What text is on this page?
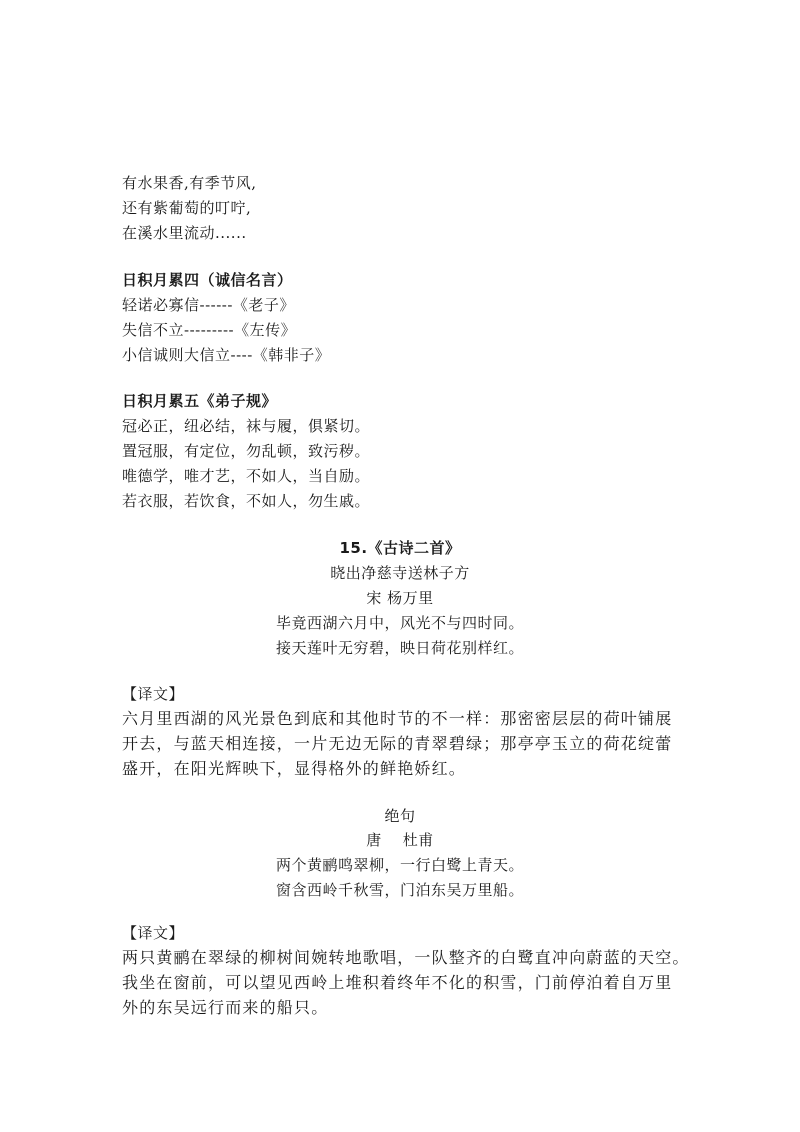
有水果香,有季节风,
还有紫葡萄的叮咛,
在溪水里流动......
日积月累四（诚信名言）
轻诺必寡信------《老子》
失信不立---------《左传》
小信诚则大信立----《韩非子》
日积月累五《弟子规》
冠必正，纽必结，袜与履，俱紧切。
置冠服，有定位，勿乱顿，致污秽。
唯德学，唯才艺，不如人，当自励。
若衣服，若饮食，不如人，勿生戚。
15.《古诗二首》
晓出净慈寺送林子方
宋 杨万里
毕竟西湖六月中，风光不与四时同。
接天莲叶无穷碧，映日荷花别样红。
【译文】
六月里西湖的风光景色到底和其他时节的不一样：那密密层层的荷叶铺展
开去，与蓝天相连接，一片无边无际的青翠碧绿；那亭亭玉立的荷花绽蕾
盛开，在阳光辉映下，显得格外的鲜艳娇红。
绝句
唐    杜甫
两个黄鹂鸣翠柳，一行白鹭上青天。
窗含西岭千秋雪，门泊东吴万里船。
【译文】
两只黄鹂在翠绿的柳树间婉转地歌唱，一队整齐的白鹭直冲向蔚蓝的天空。
我坐在窗前，可以望见西岭上堆积着终年不化的积雪，门前停泊着自万里
外的东吴远行而来的船只。
